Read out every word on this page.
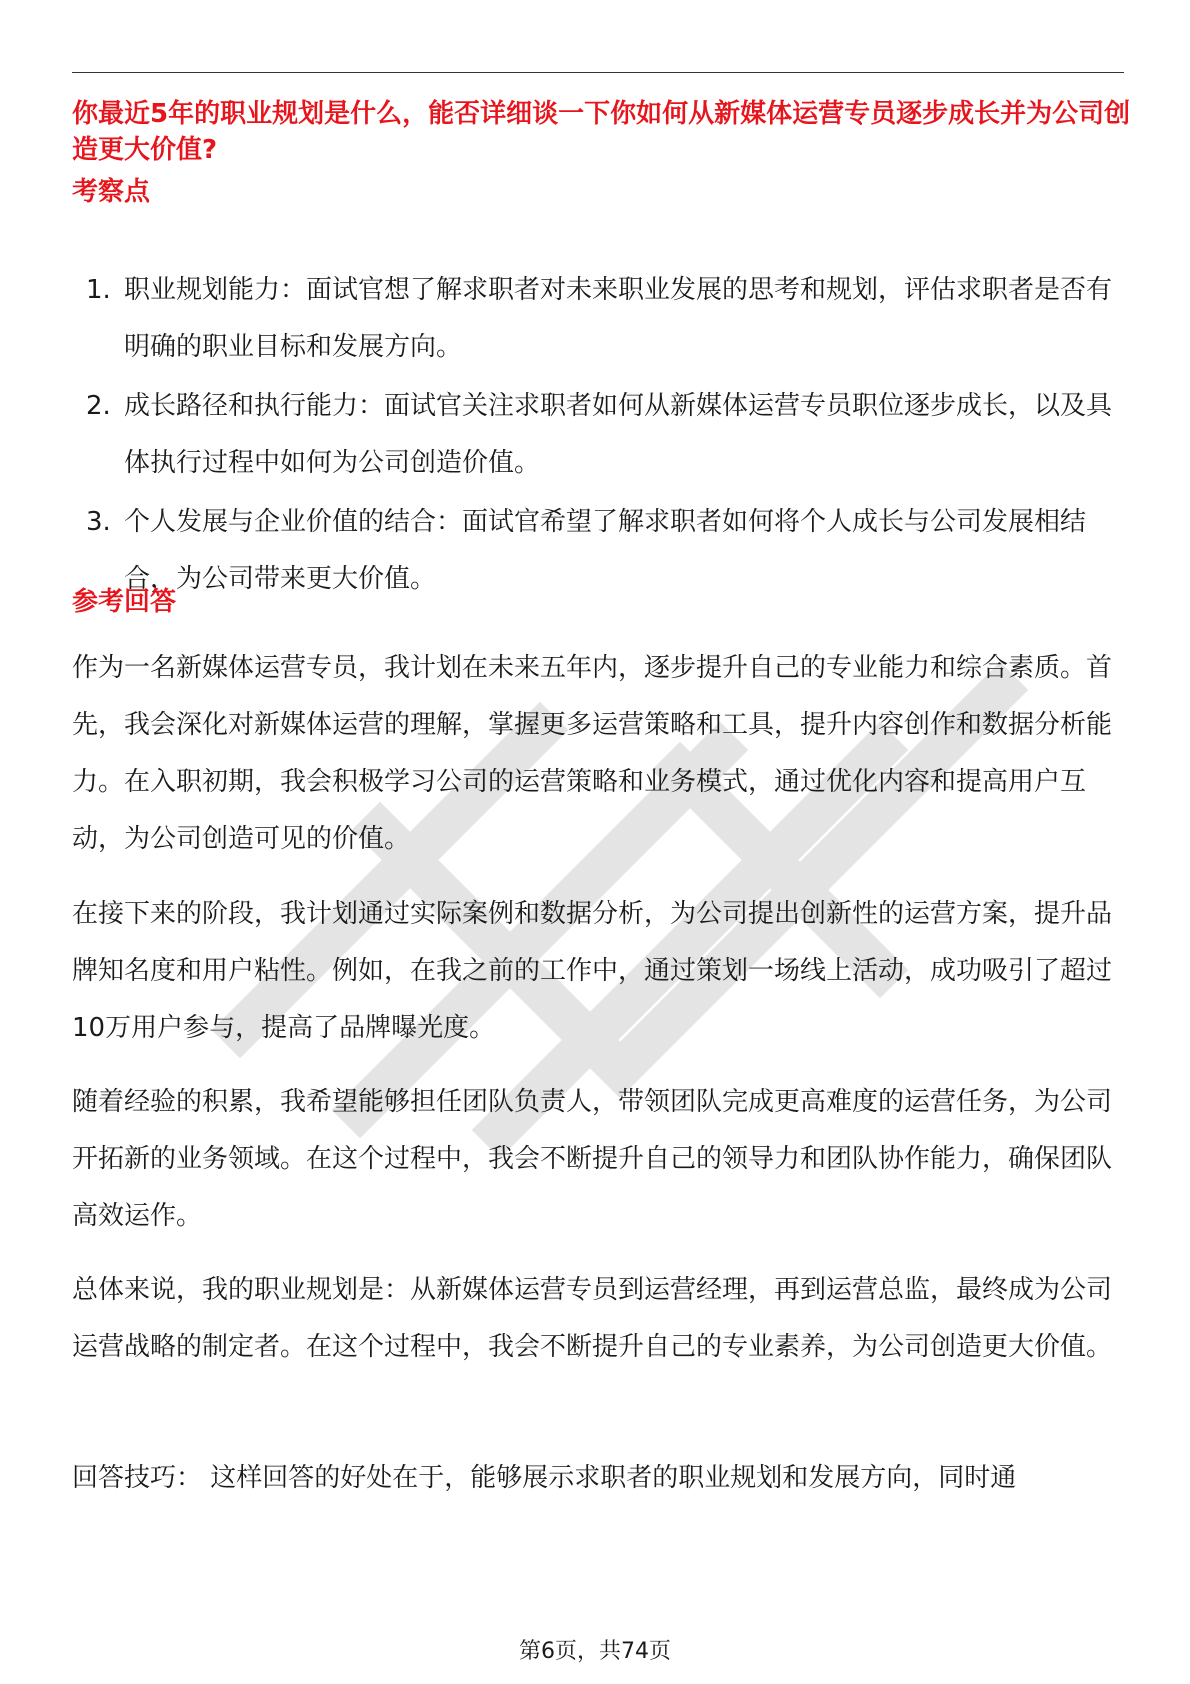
你最近5年的职业规划是什么，能否详细谈一下你如何从新媒体运营专员逐步成长并为公司创造更大价值?
考察点
1. 职业规划能力：面试官想了解求职者对未来职业发展的思考和规划，评估求职者是否有明确的职业目标和发展方向。
2. 成长路径和执行能力：面试官关注求职者如何从新媒体运营专员职位逐步成长，以及具体执行过程中如何为公司创造价值。
3. 个人发展与企业价值的结合：面试官希望了解求职者如何将个人成长与公司发展相结合，为公司带来更大价值。
参考回答

作为一名新媒体运营专员，我计划在未来五年内，逐步提升自己的专业能力和综合素质。首先，我会深化对新媒体运营的理解，掌握更多运营策略和工具，提升内容创作和数据分析能力。在入职初期，我会积极学习公司的运营策略和业务模式，通过优化内容和提高用户互动，为公司创造可见的价值。

在接下来的阶段，我计划通过实际案例和数据分析，为公司提出创新性的运营方案，提升品牌知名度和用户粘性。例如，在我之前的工作中，通过策划一场线上活动，成功吸引了超过10万用户参与，提高了品牌曝光度。

随着经验的积累，我希望能够担任团队负责人，带领团队完成更高难度的运营任务，为公司开拓新的业务领域。在这个过程中，我会不断提升自己的领导力和团队协作能力，确保团队高效运作。

总体来说，我的职业规划是：从新媒体运营专员到运营经理，再到运营总监，最终成为公司运营战略的制定者。在这个过程中，我会不断提升自己的专业素养，为公司创造更大价值。

回答技巧： 这样回答的好处在于，能够展示求职者的职业规划和发展方向，同时通

第6页，共74页
